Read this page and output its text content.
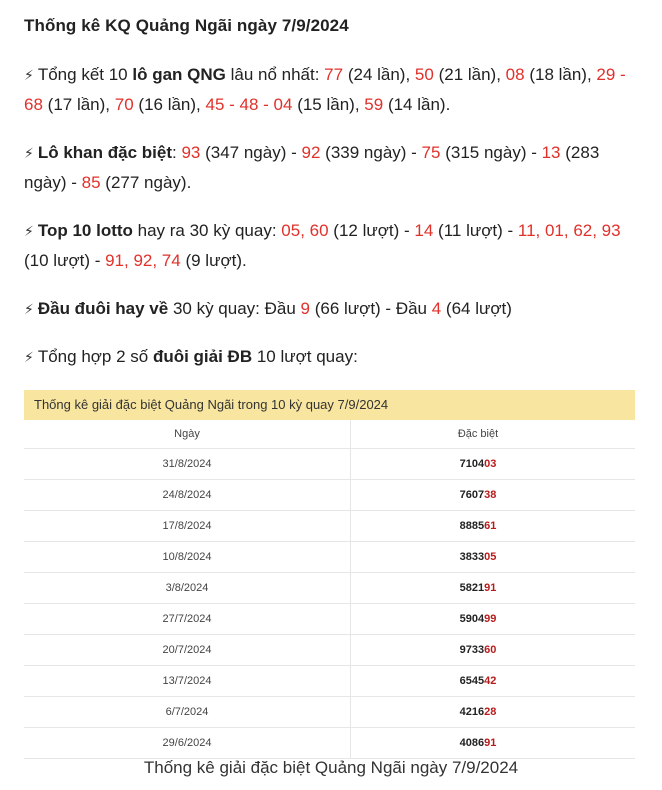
Thống kê KQ Quảng Ngãi ngày 7/9/2024
⚡ Tổng kết 10 lô gan QNG lâu nổ nhất: 77 (24 lần), 50 (21 lần), 08 (18 lần), 29 - 68 (17 lần), 70 (16 lần), 45 - 48 - 04 (15 lần), 59 (14 lần).
⚡ Lô khan đặc biệt: 93 (347 ngày) - 92 (339 ngày) - 75 (315 ngày) - 13 (283 ngày) - 85 (277 ngày).
⚡ Top 10 lotto hay ra 30 kỳ quay: 05, 60 (12 lượt) - 14 (11 lượt) - 11, 01, 62, 93 (10 lượt) - 91, 92, 74 (9 lượt).
⚡ Đầu đuôi hay về 30 kỳ quay: Đầu 9 (66 lượt) - Đầu 4 (64 lượt)
⚡ Tổng hợp 2 số đuôi giải ĐB 10 lượt quay:
Thống kê giải đặc biệt Quảng Ngãi trong 10 kỳ quay 7/9/2024
Ngày	Đặc biệt
31/8/2024	710403
24/8/2024	760738
17/8/2024	888561
10/8/2024	383305
3/8/2024	582191
27/7/2024	590499
20/7/2024	973360
13/7/2024	654542
6/7/2024	421628
29/6/2024	408691
Thống kê giải đặc biệt Quảng Ngãi ngày 7/9/2024
